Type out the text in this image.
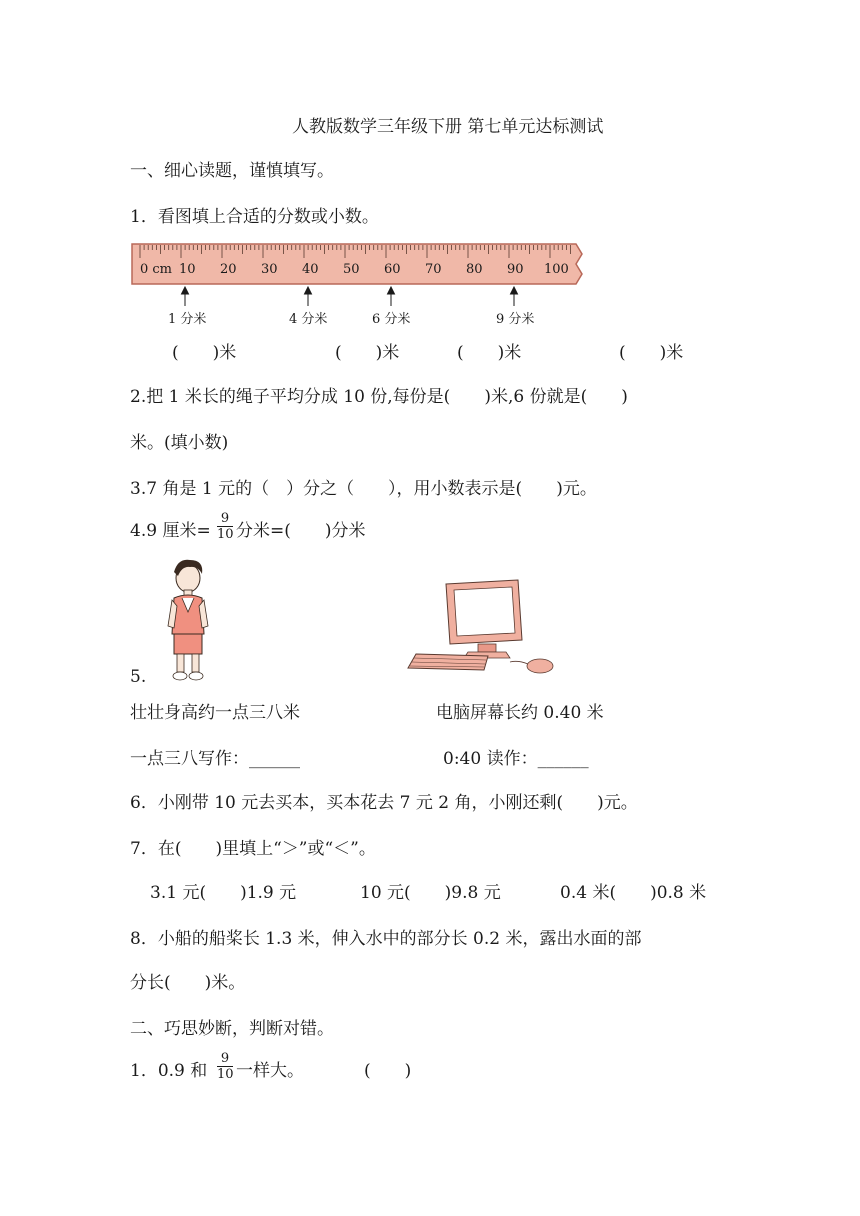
人教版数学三年级下册 第七单元达标测试
一、细心读题，谨慎填写。
1．看图填上合适的分数或小数。
0 cm 10 20 30 40 50 60 70 80 90 100
1 分米	4 分米	6 分米	9 分米
(　　)米	(　　)米	(　　)米	(　　)米
2.把 1 米长的绳子平均分成 10 份,每份是(　　)米,6 份就是(　　)
米。(填小数)
3.7 角是 1 元的（　）分之（　　），用小数表示是(　　)元。
4.9 厘米=
9
10 分米=(　　)分米
5.
壮壮身高约一点三八米	电脑屏幕长约 0.40 米
一点三八写作：______	0:40 读作：______
6．小刚带 10 元去买本，买本花去 7 元 2 角，小刚还剩(　　)元。
7．在(　　)里填上“＞”或“＜”。
3.1 元(　　)1.9 元	10 元(　　)9.8 元	0.4 米(　　)0.8 米
8．小船的船桨长 1.3 米，伸入水中的部分长 0.2 米，露出水面的部
分长(　　)米。
二、巧思妙断，判断对错。
1．0.9 和
9
10 一样大。	(　　)
